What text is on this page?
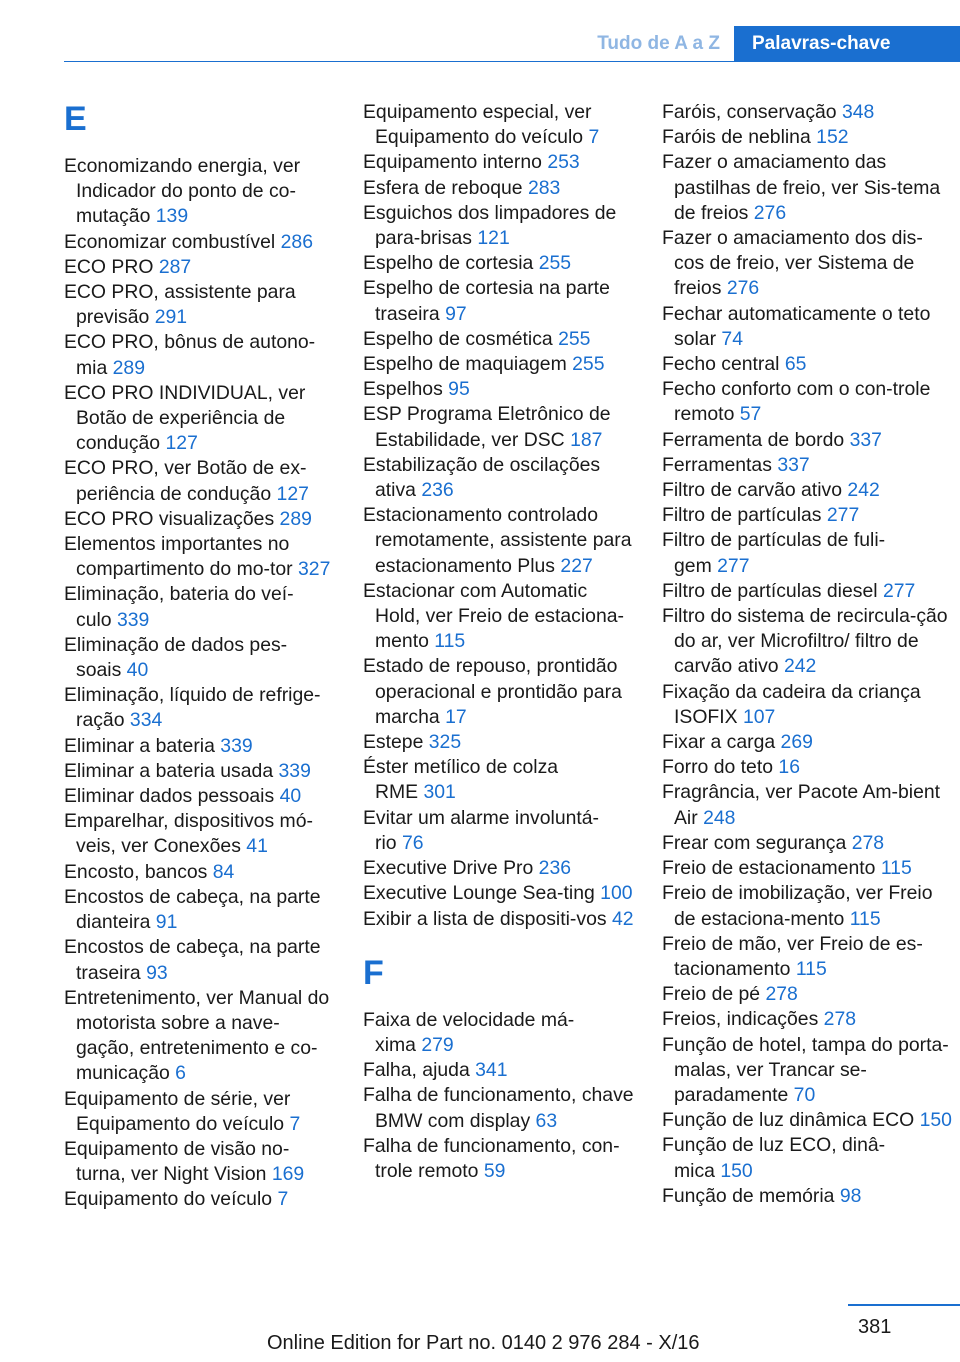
Tudo de A a Z	Palavras-chave
E
Economizando energia, ver Indicador do ponto de co‐mutação 139
Economizar combustível 286
ECO PRO 287
ECO PRO, assistente para previsão 291
ECO PRO, bônus de autono‐mia 289
ECO PRO INDIVIDUAL, ver Botão de experiência de condução 127
ECO PRO, ver Botão de ex‐periência de condução 127
ECO PRO visualizações 289
Elementos importantes no compartimento do mo‐tor 327
Eliminação, bateria do veí‐culo 339
Eliminação de dados pes‐soais 40
Eliminação, líquido de refrige‐ração 334
Eliminar a bateria 339
Eliminar a bateria usada 339
Eliminar dados pessoais 40
Emparelhar, dispositivos mó‐veis, ver Conexões 41
Encosto, bancos 84
Encostos de cabeça, na parte dianteira 91
Encostos de cabeça, na parte traseira 93
Entretenimento, ver Manual do motorista sobre a nave‐gação, entretenimento e co‐municação 6
Equipamento de série, ver Equipamento do veículo 7
Equipamento de visão no‐turna, ver Night Vision 169
Equipamento do veículo 7
Equipamento especial, ver Equipamento do veículo 7
Equipamento interno 253
Esfera de reboque 283
Esguichos dos limpadores de para-brisas 121
Espelho de cortesia 255
Espelho de cortesia na parte traseira 97
Espelho de cosmética 255
Espelho de maquiagem 255
Espelhos 95
ESP Programa Eletrônico de Estabilidade, ver DSC 187
Estabilização de oscilações ativa 236
Estacionamento controlado remotamente, assistente para estacionamento Plus 227
Estacionar com Automatic Hold, ver Freio de estaciona‐mento 115
Estado de repouso, prontidão operacional e prontidão para marcha 17
Estepe 325
Éster metílico de colza RME 301
Evitar um alarme involuntá‐rio 76
Executive Drive Pro 236
Executive Lounge Sea‐ting 100
Exibir a lista de dispositi‐vos 42
F
Faixa de velocidade má‐xima 279
Falha, ajuda 341
Falha de funcionamento, chave BMW com display 63
Falha de funcionamento, con‐trole remoto 59
Faróis, conservação 348
Faróis de neblina 152
Fazer o amaciamento das pastilhas de freio, ver Sis‐tema de freios 276
Fazer o amaciamento dos dis‐cos de freio, ver Sistema de freios 276
Fechar automaticamente o teto solar 74
Fecho central 65
Fecho conforto com o con‐trole remoto 57
Ferramenta de bordo 337
Ferramentas 337
Filtro de carvão ativo 242
Filtro de partículas 277
Filtro de partículas de fuli‐gem 277
Filtro de partículas diesel 277
Filtro do sistema de recircula‐ção do ar, ver Microfiltro/ filtro de carvão ativo 242
Fixação da cadeira da criança ISOFIX 107
Fixar a carga 269
Forro do teto 16
Fragrância, ver Pacote Am‐bient Air 248
Frear com segurança 278
Freio de estacionamento 115
Freio de imobilização, ver Freio de estaciona‐mento 115
Freio de mão, ver Freio de es‐tacionamento 115
Freio de pé 278
Freios, indicações 278
Função de hotel, tampa do porta-malas, ver Trancar se‐paradamente 70
Função de luz dinâmica ECO 150
Função de luz ECO, dinâ‐mica 150
Função de memória 98
381
Online Edition for Part no. 0140 2 976 284 - X/16
